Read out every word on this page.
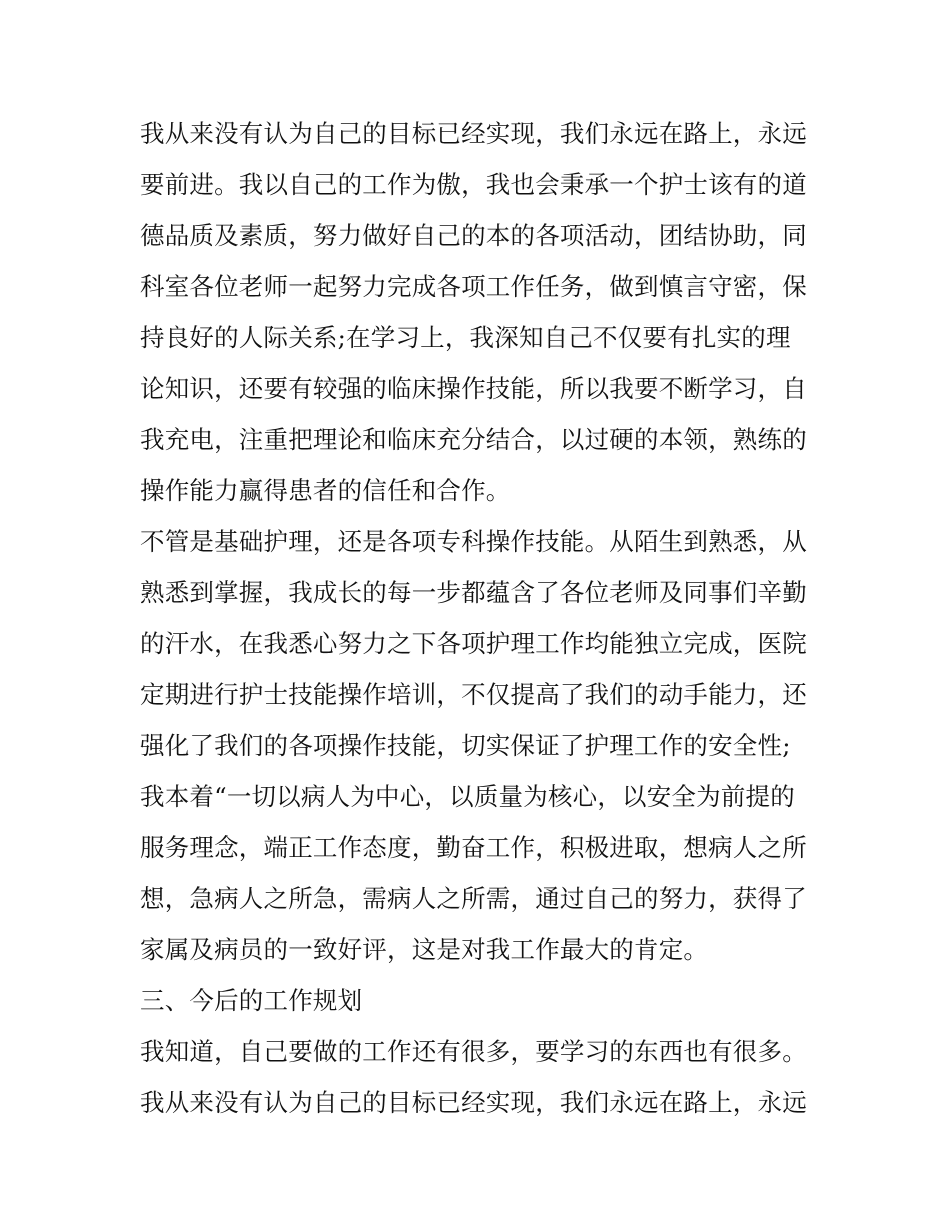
我从来没有认为自己的目标已经实现，我们永远在路上，永远
要前进。我以自己的工作为傲，我也会秉承一个护士该有的道
德品质及素质，努力做好自己的本的各项活动，团结协助，同
科室各位老师一起努力完成各项工作任务，做到慎言守密，保
持良好的人际关系;在学习上，我深知自己不仅要有扎实的理
论知识，还要有较强的临床操作技能，所以我要不断学习，自
我充电，注重把理论和临床充分结合，以过硬的本领，熟练的
操作能力赢得患者的信任和合作。
不管是基础护理，还是各项专科操作技能。从陌生到熟悉，从
熟悉到掌握，我成长的每一步都蕴含了各位老师及同事们辛勤
的汗水，在我悉心努力之下各项护理工作均能独立完成，医院
定期进行护士技能操作培训，不仅提高了我们的动手能力，还
强化了我们的各项操作技能，切实保证了护理工作的安全性;
我本着“一切以病人为中心，以质量为核心，以安全为前提的
服务理念，端正工作态度，勤奋工作，积极进取，想病人之所
想，急病人之所急，需病人之所需，通过自己的努力，获得了
家属及病员的一致好评，这是对我工作最大的肯定。
三、今后的工作规划
我知道，自己要做的工作还有很多，要学习的东西也有很多。
我从来没有认为自己的目标已经实现，我们永远在路上，永远
